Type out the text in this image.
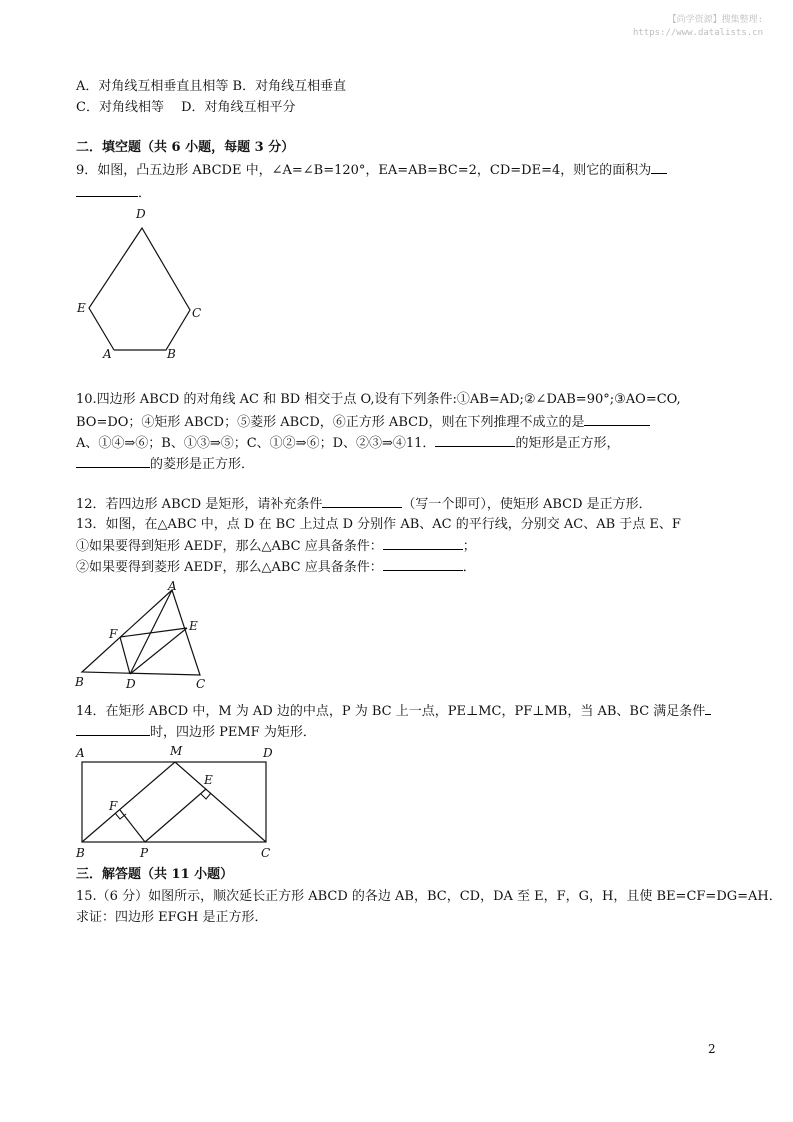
【尚学资源】搜集整理:
https://www.datalists.cn
A．对角线互相垂直且相等 B．对角线互相垂直
C．对角线相等 　D．对角线互相平分
二．填空题（共 6 小题，每题 3 分）
9．如图，凸五边形 ABCDE 中，∠A=∠B=120°，EA=AB=BC=2，CD=DE=4，则它的面积为
．
D
E	C
A	B
10.四边形 ABCD 的对角线 AC 和 BD 相交于点 O,设有下列条件:①AB=AD;②∠DAB=90°;③AO=CO,
BO=DO；④矩形 ABCD；⑤菱形 ABCD，⑥正方形 ABCD，则在下列推理不成立的是
A、①④⇒⑥；B、①③⇒⑤；C、①②⇒⑥；D、②③⇒④11．	的矩形是正方形，
的菱形是正方形．
12．若四边形 ABCD 是矩形，请补充条件	（写一个即可），使矩形 ABCD 是正方形．
13．如图，在△ABC 中，点 D 在 BC 上过点 D 分别作 AB、AC 的平行线，分别交 AC、AB 于点 E、F
①如果要得到矩形 AEDF，那么△ABC 应具备条件：	；
②如果要得到菱形 AEDF，那么△ABC 应具备条件：	．
A
F
E
B	D	C
14．在矩形 ABCD 中，M 为 AD 边的中点，P 为 BC 上一点，PE⊥MC，PF⊥MB，当 AB、BC 满足条件
时，四边形 PEMF 为矩形．
A	M	D
E
F
B	P	C
三．解答题（共 11 小题）
15.（6 分）如图所示，顺次延长正方形 ABCD 的各边 AB，BC，CD，DA 至 E，F，G，H，且使 BE=CF=DG=AH．
求证：四边形 EFGH 是正方形．
2
